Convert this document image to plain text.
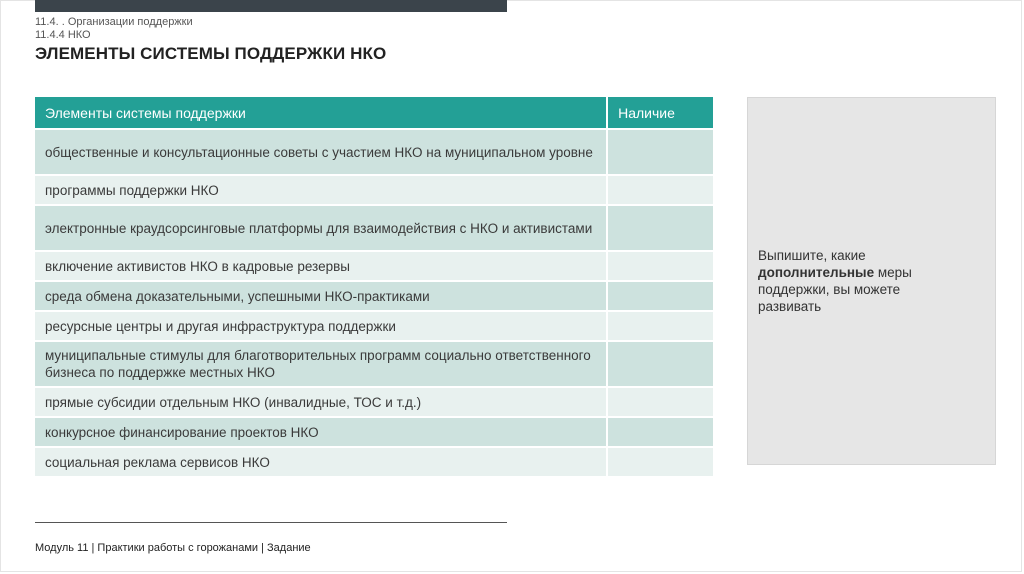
11.4. . Организации поддержки
11.4.4 НКО
ЭЛЕМЕНТЫ СИСТЕМЫ ПОДДЕРЖКИ НКО
Элементы системы поддержки	Наличие
общественные и консультационные советы с участием НКО на муниципальном уровне	
программы поддержки НКО	
электронные краудсорсинговые платформы для взаимодействия с НКО и активистами	
включение активистов НКО в кадровые резервы	
среда обмена доказательными, успешными НКО-практиками	
ресурсные центры и другая инфраструктура поддержки	
муниципальные стимулы для благотворительных программ социально ответственного бизнеса по поддержке местных НКО	
прямые субсидии отдельным НКО (инвалидные, ТОС и т.д.)	
конкурсное финансирование проектов НКО	
социальная реклама сервисов НКО	
Выпишите, какие
дополнительные меры
поддержки, вы можете
развивать
Модуль 11 | Практики работы с горожанами | Задание
